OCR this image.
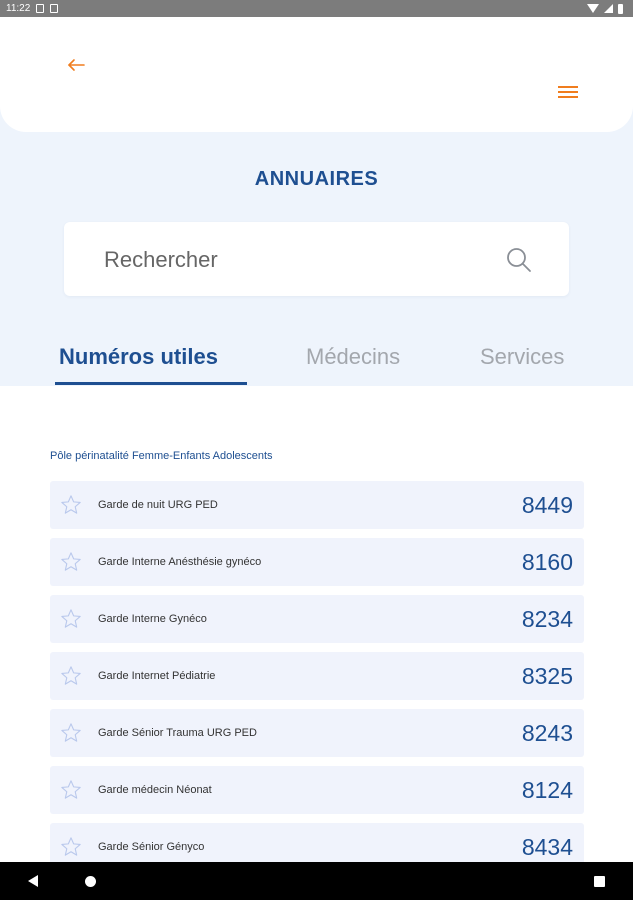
11:22
ANNUAIRES
Rechercher
Numéros utiles	Médecins	Services
Pôle périnatalité Femme-Enfants Adolescents
Garde de nuit URG PED	8449
Garde Interne Anésthésie gynéco	8160
Garde Interne Gynéco	8234
Garde Internet Pédiatrie	8325
Garde Sénior Trauma URG PED	8243
Garde médecin Néonat	8124
Garde Sénior Gényco	8434
